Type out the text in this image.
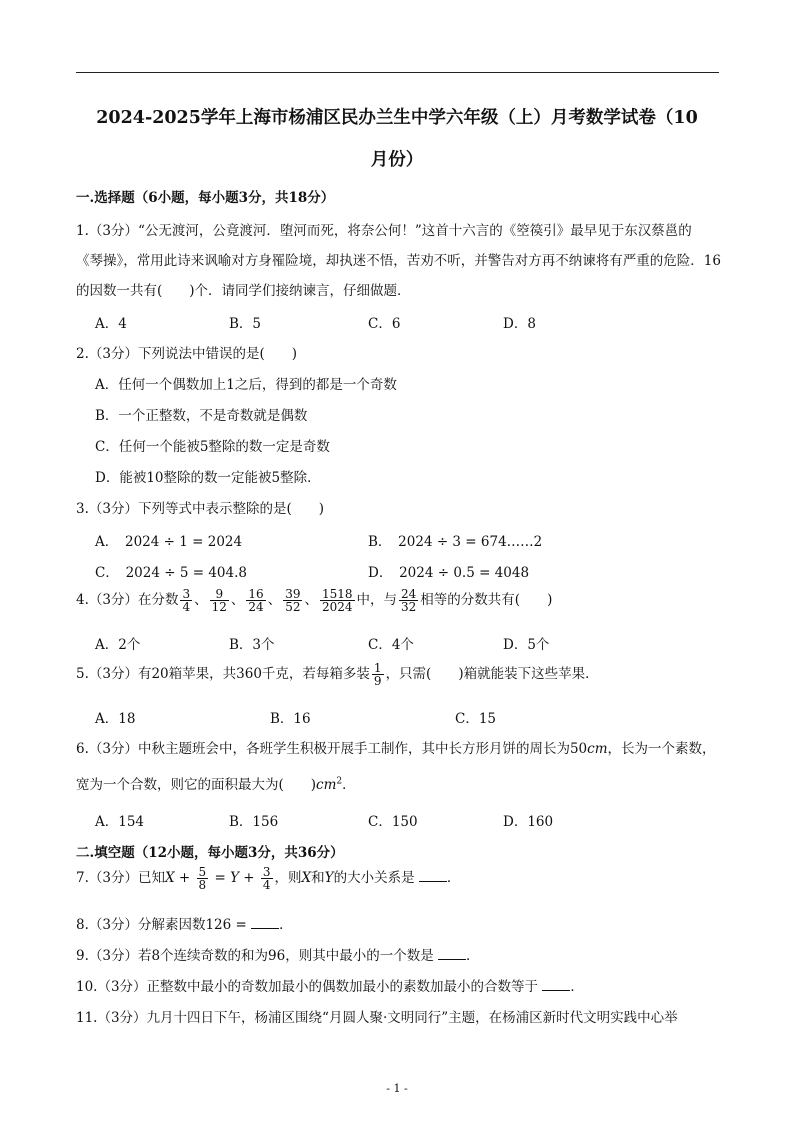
2024-2025学年上海市杨浦区民办兰生中学六年级（上）月考数学试卷（10
月份）
一.选择题（6小题，每小题3分，共18分）
1.（3分）“公无渡河，公竟渡河．堕河而死，将奈公何！”这首十六言的《箜篌引》最早见于东汉蔡邕的
《琴操》，常用此诗来讽喻对方身罹险境，却执迷不悟，苦劝不听，并警告对方再不纳谏将有严重的危险．16
的因数一共有(　　)个．请同学们接纳谏言，仔细做题．
A．4	B．5	C．6	D．8
2.（3分）下列说法中错误的是(　　)
A．任何一个偶数加上1之后，得到的都是一个奇数
B．一个正整数，不是奇数就是偶数
C．任何一个能被5整除的数一定是奇数
D．能被10整除的数一定能被5整除．
3.（3分）下列等式中表示整除的是(　　)
A．　2024 ÷ 1 = 2024	B．　2024 ÷ 3 = 674……2
C．　2024 ÷ 5 = 404.8	D．　2024 ÷ 0.5 = 4048
4.（3分）在分数 $\frac{3}{4}$ 、 $\frac{9}{12}$ 、 $\frac{16}{24}$ 、 $\frac{39}{52}$ 、 $\frac{1518}{2024}$ 中，与 $\frac{24}{32}$ 相等的分数共有(　　)
A．2个	B．3个	C．4个	D．5个
5.（3分）有20箱苹果，共360千克，若每箱多装 $\frac{1}{9}$ ，只需(　　)箱就能装下这些苹果．
A．18	B．16	C．15
6.（3分）中秋主题班会中，各班学生积极开展手工制作，其中长方形月饼的周长为50cm，长为一个素数，
宽为一个合数，则它的面积最大为(　　)$cm^2$．
A．154	B．156	C．150	D．160
二.填空题（12小题，每小题3分，共36分）
7.（3分）已知$X + \frac{5}{8} = Y + \frac{3}{4}$ ，则X和Y的大小关系是 ．
8.（3分）分解素因数126 = ．
9.（3分）若8个连续奇数的和为96，则其中最小的一个数是 ．
10.（3分）正整数中最小的奇数加最小的偶数加最小的素数加最小的合数等于 ．
11.（3分）九月十四日下午，杨浦区围绕“月圆人聚·文明同行”主题，在杨浦区新时代文明实践中心举
- 1 -
